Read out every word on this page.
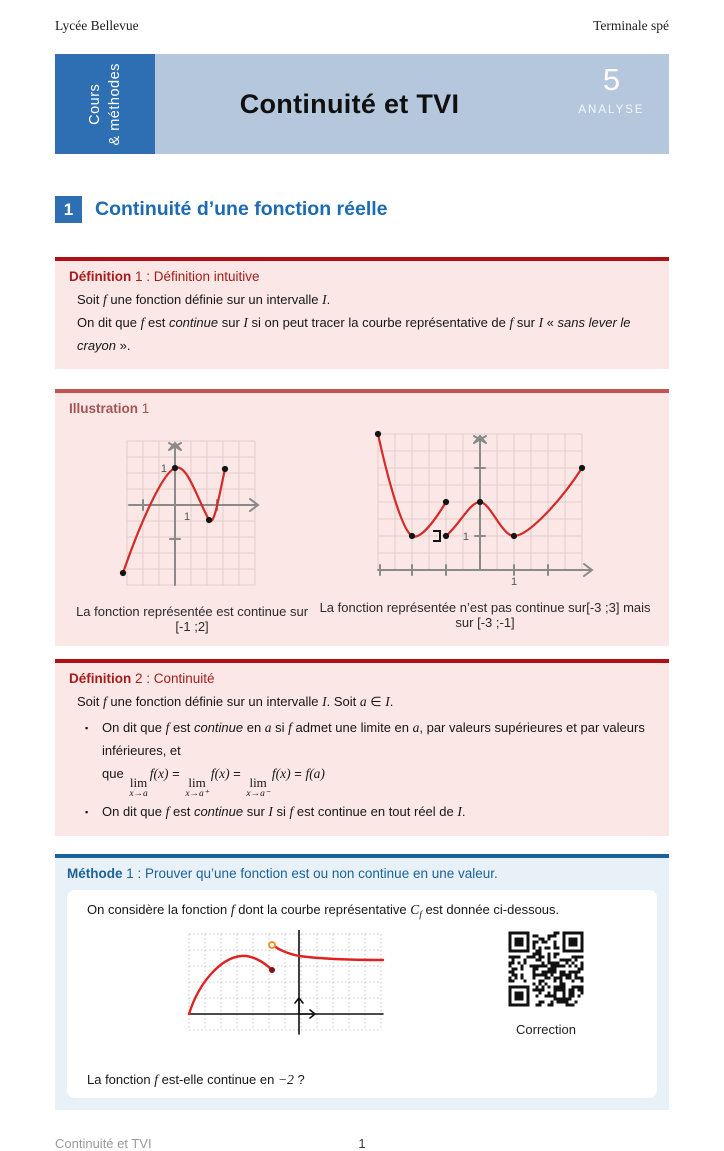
Lycée Bellevue	Terminale spé
Cours & méthodes	Continuité et TVI
5
ANALYSE
1	Continuité d’une fonction réelle
Définition 1 : Définition intuitive
Soit f une fonction définie sur un intervalle I.
On dit que f est continue sur I si on peut tracer la courbe représentative de f sur I « sans lever le crayon ».
Illustration 1
1
1
La fonction représentée est continue sur [-1 ;2]
1
1
La fonction représentée n’est pas continue sur[-3 ;3] mais sur [-3 ;-1]
Définition 2 : Continuité
Soit f une fonction définie sur un intervalle I. Soit a ∈ I.
▪	On dit que f est continue en a si f admet une limite en a, par valeurs supérieures et par valeurs inférieures, et
que
lim
x→a
f(x) =
lim
x→a⁺
f(x) =
lim
x→a⁻
f(x) = f(a)
▪	On dit que f est continue sur I si f est continue en tout réel de I.
Méthode 1 : Prouver qu’une fonction est ou non continue en une valeur.
On considère la fonction f dont la courbe représentative $C_f$ est donnée ci-dessous.
Correction
La fonction f est-elle continue en −2 ?
Continuité et TVI	1
